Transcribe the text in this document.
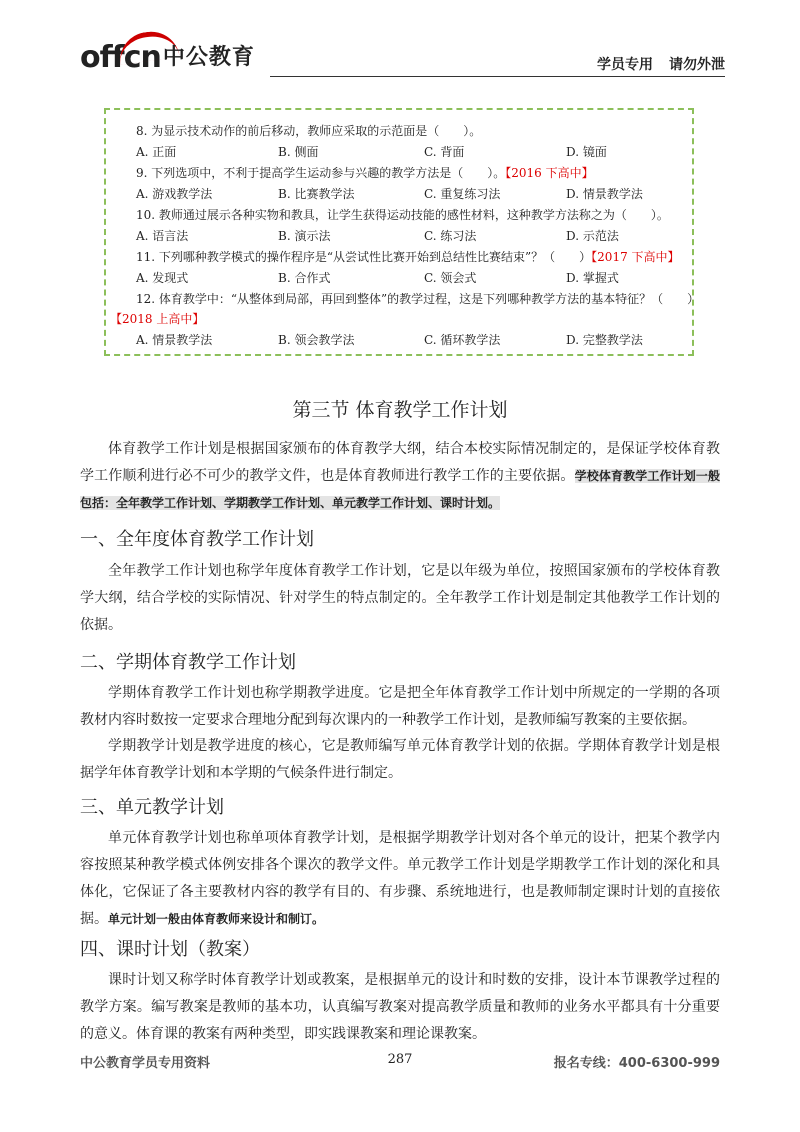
offcn中公教育	学员专用 请勿外泄
8. 为显示技术动作的前后移动，教师应采取的示范面是（　　）。
A. 正面	B. 侧面	C. 背面	D. 镜面
9. 下列选项中，不利于提高学生运动参与兴趣的教学方法是（　　）。【2016 下高中】
A. 游戏教学法	B. 比赛教学法	C. 重复练习法	D. 情景教学法
10. 教师通过展示各种实物和教具，让学生获得运动技能的感性材料，这种教学方法称之为（　　）。
A. 语言法	B. 演示法	C. 练习法	D. 示范法
11. 下列哪种教学模式的操作程序是“从尝试性比赛开始到总结性比赛结束”？（　　）【2017 下高中】
A. 发现式	B. 合作式	C. 领会式	D. 掌握式
12. 体育教学中：“从整体到局部，再回到整体”的教学过程，这是下列哪种教学方法的基本特征？（　　）
【2018 上高中】
A. 情景教学法	B. 领会教学法	C. 循环教学法	D. 完整教学法
第三节 体育教学工作计划
体育教学工作计划是根据国家颁布的体育教学大纲，结合本校实际情况制定的，是保证学校体育教学工作顺利进行必不可少的教学文件，也是体育教师进行教学工作的主要依据。学校体育教学工作计划一般包括：全年教学工作计划、学期教学工作计划、单元教学工作计划、课时计划。
一、全年度体育教学工作计划
全年教学工作计划也称学年度体育教学工作计划，它是以年级为单位，按照国家颁布的学校体育教学大纲，结合学校的实际情况、针对学生的特点制定的。全年教学工作计划是制定其他教学工作计划的依据。
二、学期体育教学工作计划
学期体育教学工作计划也称学期教学进度。它是把全年体育教学工作计划中所规定的一学期的各项教材内容时数按一定要求合理地分配到每次课内的一种教学工作计划，是教师编写教案的主要依据。
学期教学计划是教学进度的核心，它是教师编写单元体育教学计划的依据。学期体育教学计划是根据学年体育教学计划和本学期的气候条件进行制定。
三、单元教学计划
单元体育教学计划也称单项体育教学计划，是根据学期教学计划对各个单元的设计，把某个教学内容按照某种教学模式体例安排各个课次的教学文件。单元教学工作计划是学期教学工作计划的深化和具体化，它保证了各主要教材内容的教学有目的、有步骤、系统地进行，也是教师制定课时计划的直接依据。单元计划一般由体育教师来设计和制订。
四、课时计划（教案）
课时计划又称学时体育教学计划或教案，是根据单元的设计和时数的安排，设计本节课教学过程的教学方案。编写教案是教师的基本功，认真编写教案对提高教学质量和教师的业务水平都具有十分重要的意义。体育课的教案有两种类型，即实践课教案和理论课教案。
中公教育学员专用资料	287	报名专线：400-6300-999
